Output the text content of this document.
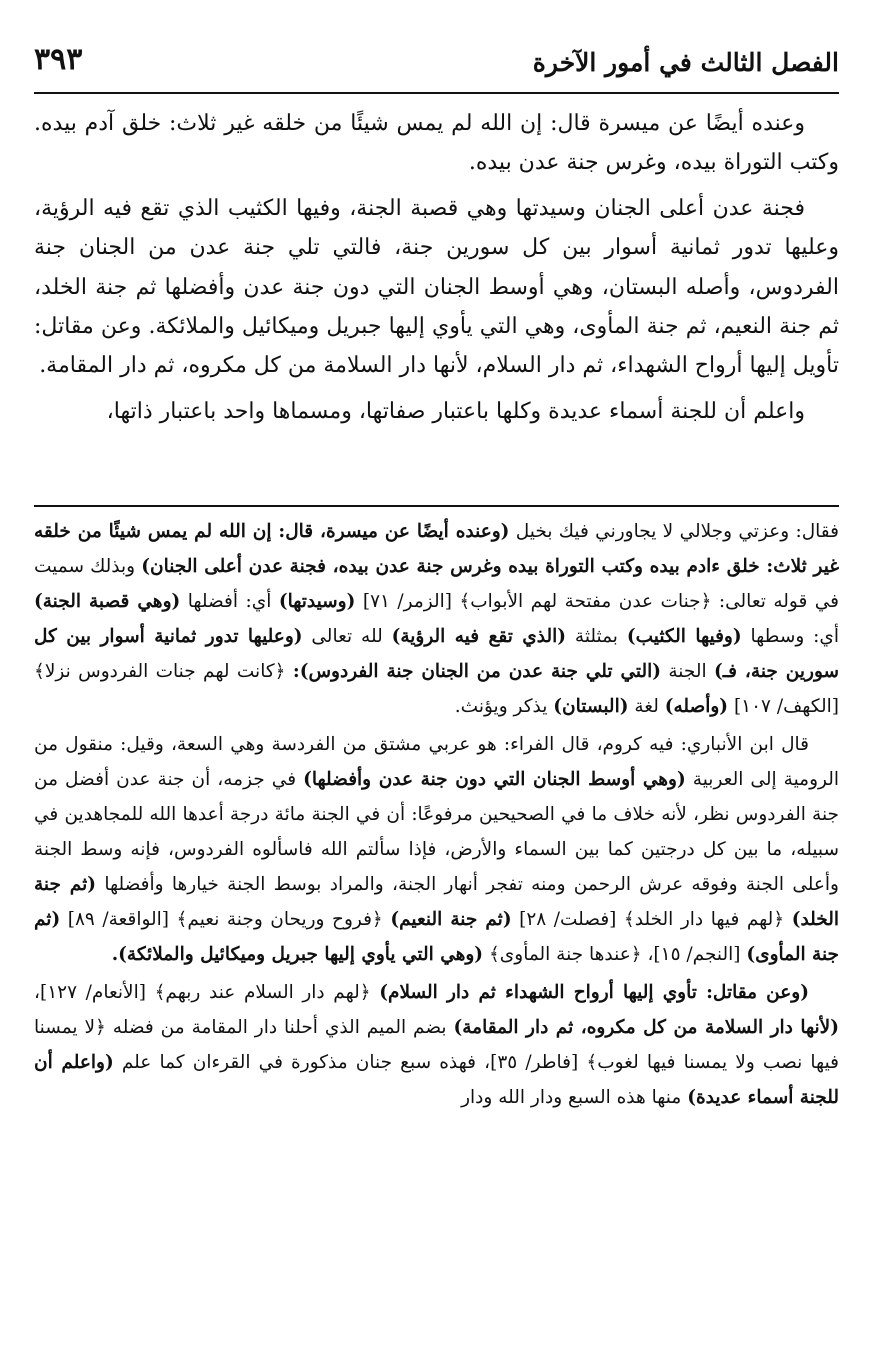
الفصل الثالث في أمور الآخرة
٣٩٣

وعنده أيضًا عن ميسرة قال: إن الله لم يمس شيئًا من خلقه غير ثلاث: خلق آدم بيده. وكتب التوراة بيده، وغرس جنة عدن بيده.

فجنة عدن أعلى الجنان وسيدتها وهي قصبة الجنة، وفيها الكثيب الذي تقع فيه الرؤية، وعليها تدور ثمانية أسوار بين كل سورين جنة، فالتي تلي جنة عدن من الجنان جنة الفردوس، وأصله البستان، وهي أوسط الجنان التي دون جنة عدن وأفضلها ثم جنة الخلد، ثم جنة النعيم، ثم جنة المأوى، وهي التي يأوي إليها جبريل وميكائيل والملائكة. وعن مقاتل: تأويل إليها أرواح الشهداء، ثم دار السلام، لأنها دار السلامة من كل مكروه، ثم دار المقامة.

واعلم أن للجنة أسماء عديدة وكلها باعتبار صفاتها، ومسماها واحد باعتبار ذاتها،

فقال: وعزتي وجلالي لا يجاورني فيك بخيل (وعنده أيضًا عن ميسرة، قال: إن الله لم يمس شيئًا من خلقه غير ثلاث: خلق ءادم بيده وكتب التوراة بيده وغرس جنة عدن بيده، فجنة عدن أعلى الجنان) وبذلك سميت في قوله تعالى: ﴿جنات عدن مفتحة لهم الأبواب﴾ [الزمر/ ٧١] (وسيدتها) أي: أفضلها (وهي قصبة الجنة) أي: وسطها (وفيها الكثيب) بمثلثة (الذي تقع فيه الرؤية) لله تعالى (وعليها تدور ثمانية أسوار بين كل سورين جنة، فـ) الجنة (التي تلي جنة عدن من الجنان جنة الفردوس): ﴿كانت لهم جنات الفردوس نزلا﴾ [الكهف/ ١٠٧] (وأصله) لغة (البستان) يذكر ويؤنث.

قال ابن الأنباري: فيه كروم، قال الفراء: هو عربي مشتق من الفردسة وهي السعة، وقيل: منقول من الرومية إلى العربية (وهي أوسط الجنان التي دون جنة عدن وأفضلها) في جزمه، أن جنة عدن أفضل من جنة الفردوس نظر، لأنه خلاف ما في الصحيحين مرفوعًا: أن في الجنة مائة درجة أعدها الله للمجاهدين في سبيله، ما بين كل درجتين كما بين السماء والأرض، فإذا سألتم الله فاسألوه الفردوس، فإنه وسط الجنة وأعلى الجنة وفوقه عرش الرحمن ومنه تفجر أنهار الجنة، والمراد بوسط الجنة خيارها وأفضلها (ثم جنة الخلد) ﴿لهم فيها دار الخلد﴾ [فصلت/ ٢٨] (ثم جنة النعيم) ﴿فروح وريحان وجنة نعيم﴾ [الواقعة/ ٨٩] (ثم جنة المأوى) [النجم/ ١٥]، ﴿عندها جنة المأوى﴾ (وهي التي يأوي إليها جبريل وميكائيل والملائكة).

(وعن مقاتل: تأوي إليها أرواح الشهداء ثم دار السلام) ﴿لهم دار السلام عند ربهم﴾ [الأنعام/ ١٢٧]، (لأنها دار السلامة من كل مكروه، ثم دار المقامة) بضم الميم الذي أحلنا دار المقامة من فضله ﴿لا يمسنا فيها نصب ولا يمسنا فيها لغوب﴾ [فاطر/ ٣٥]، فهذه سبع جنان مذكورة في القرءان كما علم (واعلم أن للجنة أسماء عديدة) منها هذه السبع ودار الله ودار
